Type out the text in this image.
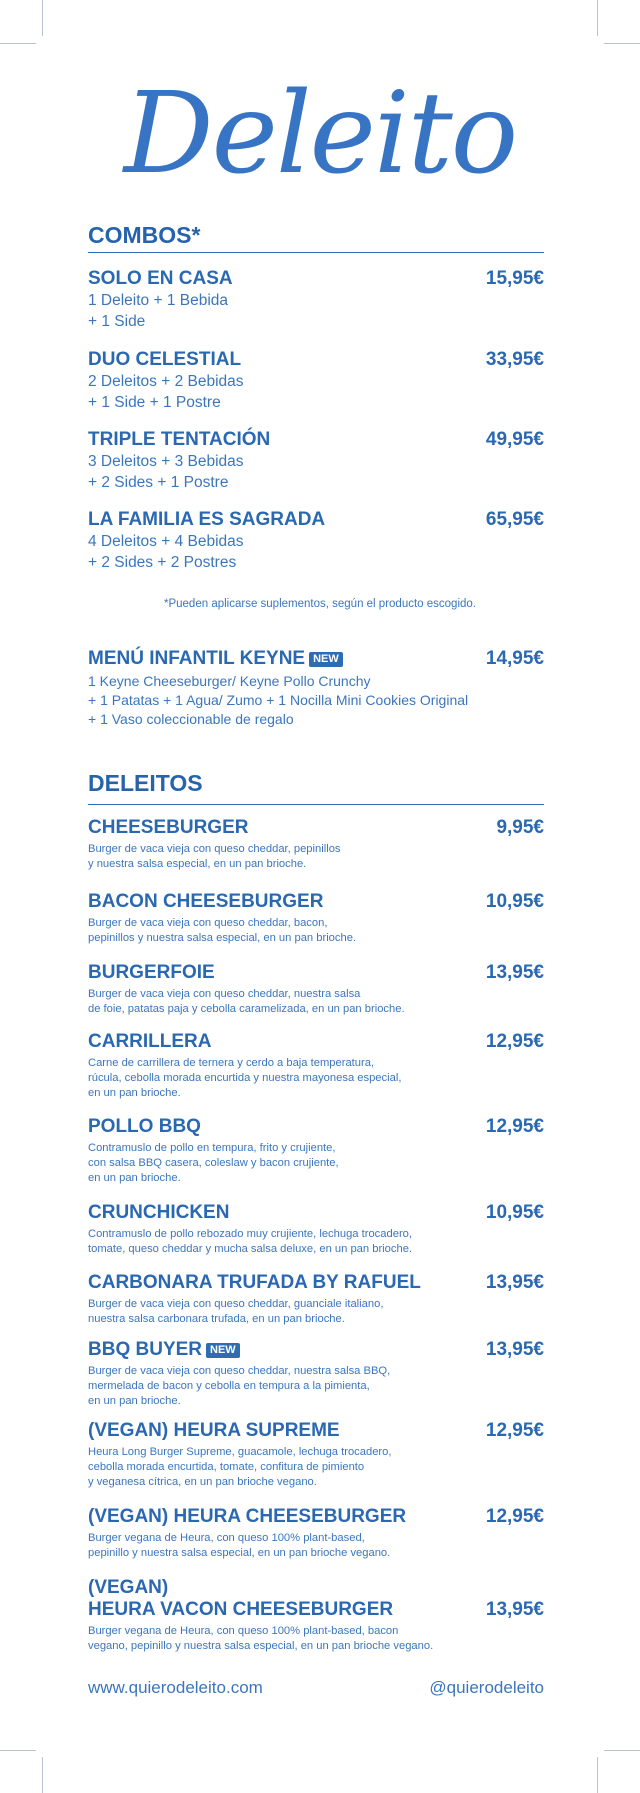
Deleito
COMBOS*
SOLO EN CASA	15,95€
1 Deleito + 1 Bebida
+ 1 Side
DUO CELESTIAL	33,95€
2 Deleitos + 2 Bebidas
+ 1 Side + 1 Postre
TRIPLE TENTACIÓN	49,95€
3 Deleitos + 3 Bebidas
+ 2 Sides + 1 Postre
LA FAMILIA ES SAGRADA	65,95€
4 Deleitos + 4 Bebidas
+ 2 Sides + 2 Postres
*Pueden aplicarse suplementos, según el producto escogido.
MENÚ INFANTIL KEYNE NEW	14,95€
1 Keyne Cheeseburger/ Keyne Pollo Crunchy
+ 1 Patatas + 1 Agua/ Zumo + 1 Nocilla Mini Cookies Original
+ 1 Vaso coleccionable de regalo
DELEITOS
CHEESEBURGER	9,95€
Burger de vaca vieja con queso cheddar, pepinillos
y nuestra salsa especial, en un pan brioche.
BACON CHEESEBURGER	10,95€
Burger de vaca vieja con queso cheddar, bacon,
pepinillos y nuestra salsa especial, en un pan brioche.
BURGERFOIE	13,95€
Burger de vaca vieja con queso cheddar, nuestra salsa
de foie, patatas paja y cebolla caramelizada, en un pan brioche.
CARRILLERA	12,95€
Carne de carrillera de ternera y cerdo a baja temperatura,
rúcula, cebolla morada encurtida y nuestra mayonesa especial,
en un pan brioche.
POLLO BBQ	12,95€
Contramuslo de pollo en tempura, frito y crujiente,
con salsa BBQ casera, coleslaw y bacon crujiente,
en un pan brioche.
CRUNCHICKEN	10,95€
Contramuslo de pollo rebozado muy crujiente, lechuga trocadero,
tomate, queso cheddar y mucha salsa deluxe, en un pan brioche.
CARBONARA TRUFADA BY RAFUEL	13,95€
Burger de vaca vieja con queso cheddar, guanciale italiano,
nuestra salsa carbonara trufada, en un pan brioche.
BBQ BUYER NEW	13,95€
Burger de vaca vieja con queso cheddar, nuestra salsa BBQ,
mermelada de bacon y cebolla en tempura a la pimienta,
en un pan brioche.
(VEGAN) HEURA SUPREME	12,95€
Heura Long Burger Supreme, guacamole, lechuga trocadero,
cebolla morada encurtida, tomate, confitura de pimiento
y veganesa cítrica, en un pan brioche vegano.
(VEGAN) HEURA CHEESEBURGER	12,95€
Burger vegana de Heura, con queso 100% plant-based,
pepinillo y nuestra salsa especial, en un pan brioche vegano.
(VEGAN)
HEURA VACON CHEESEBURGER	13,95€
Burger vegana de Heura, con queso 100% plant-based, bacon
vegano, pepinillo y nuestra salsa especial, en un pan brioche vegano.
www.quierodeleito.com	@quierodeleito
